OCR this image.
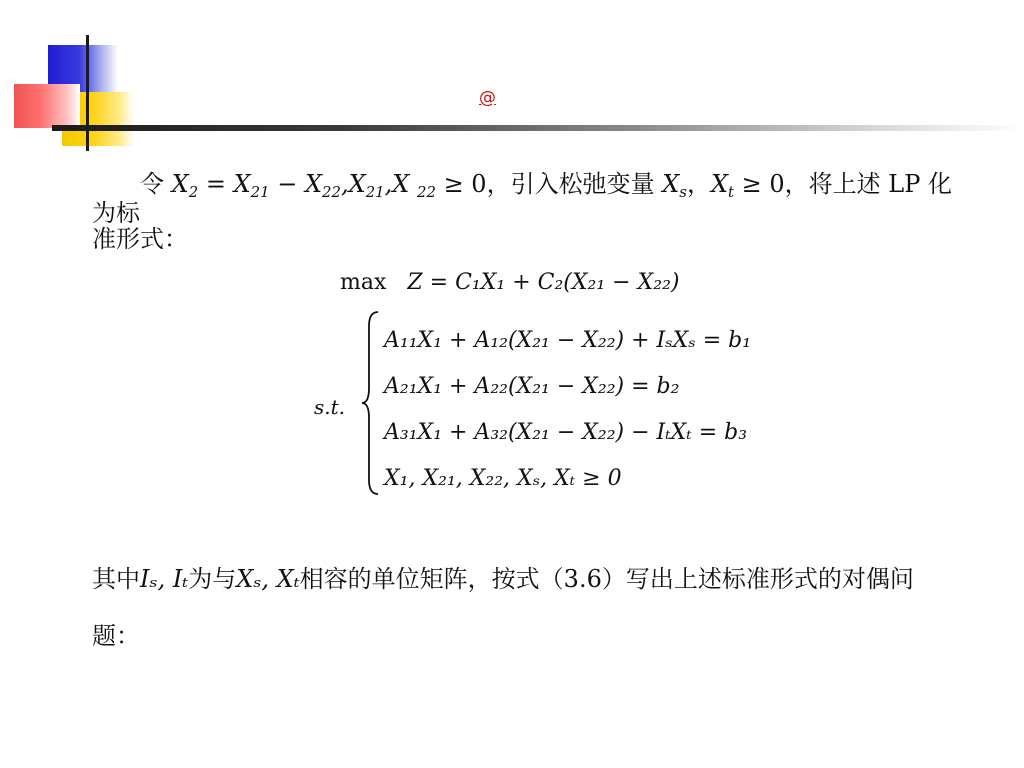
@
令 $X_2 = X_{21} - X_{22},X_{21},X$ $_{22}$ ≥ 0，引入松弛变量 $X_s$，$X_t \ge 0$，将上述 LP 化为标
准形式：
max Z = C₁X₁ + C₂(X₂₁ − X₂₂)
s.t.
A₁₁X₁ + A₁₂(X₂₁ − X₂₂) + IₛXₛ = b₁
A₂₁X₁ + A₂₂(X₂₁ − X₂₂) = b₂
A₃₁X₁ + A₃₂(X₂₁ − X₂₂) − IₜXₜ = b₃
X₁, X₂₁, X₂₂, Xₛ, Xₜ ≥ 0
其中Iₛ, Iₜ为与Xₛ, Xₜ相容的单位矩阵，按式（3.6）写出上述标准形式的对偶问
题：
